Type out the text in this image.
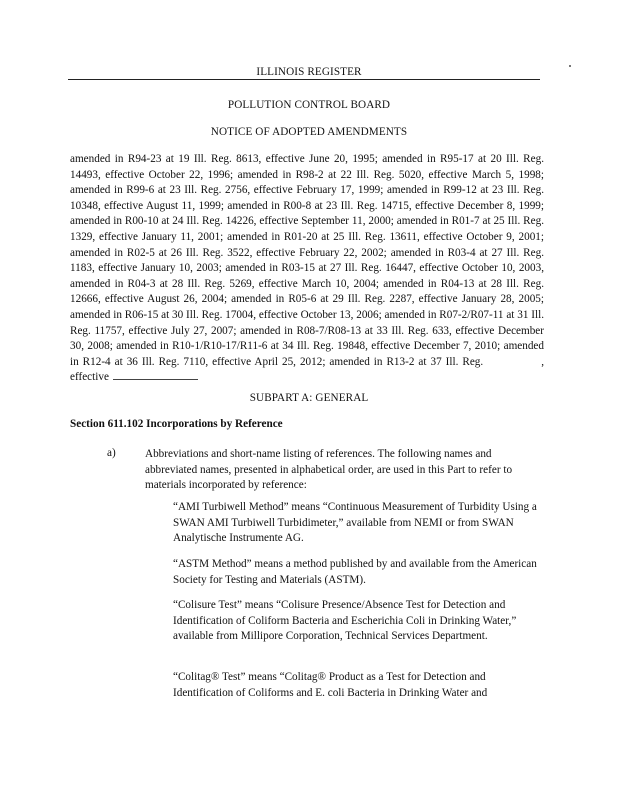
ILLINOIS REGISTER
POLLUTION CONTROL BOARD
NOTICE OF ADOPTED AMENDMENTS
amended in R94-23 at 19 Ill. Reg. 8613, effective June 20, 1995; amended in R95-17 at 20 Ill. Reg. 14493, effective October 22, 1996; amended in R98-2 at 22 Ill. Reg. 5020, effective March 5, 1998; amended in R99-6 at 23 Ill. Reg. 2756, effective February 17, 1999; amended in R99-12 at 23 Ill. Reg. 10348, effective August 11, 1999; amended in R00-8 at 23 Ill. Reg. 14715, effective December 8, 1999; amended in R00-10 at 24 Ill. Reg. 14226, effective September 11, 2000; amended in R01-7 at 25 Ill. Reg. 1329, effective January 11, 2001; amended in R01-20 at 25 Ill. Reg. 13611, effective October 9, 2001; amended in R02-5 at 26 Ill. Reg. 3522, effective February 22, 2002; amended in R03-4 at 27 Ill. Reg. 1183, effective January 10, 2003; amended in R03-15 at 27 Ill. Reg. 16447, effective October 10, 2003, amended in R04-3 at 28 Ill. Reg. 5269, effective March 10, 2004; amended in R04-13 at 28 Ill. Reg. 12666, effective August 26, 2004; amended in R05-6 at 29 Ill. Reg. 2287, effective January 28, 2005; amended in R06-15 at 30 Ill. Reg. 17004, effective October 13, 2006; amended in R07-2/R07-11 at 31 Ill. Reg. 11757, effective July 27, 2007; amended in R08-7/R08-13 at 33 Ill. Reg. 633, effective December 30, 2008; amended in R10-1/R10-17/R11-6 at 34 Ill. Reg. 19848, effective December 7, 2010; amended in R12-4 at 36 Ill. Reg. 7110, effective April 25, 2012; amended in R13-2 at 37 Ill. Reg.	, effective
SUBPART A: GENERAL
Section 611.102 Incorporations by Reference
a)	Abbreviations and short-name listing of references. The following names and abbreviated names, presented in alphabetical order, are used in this Part to refer to materials incorporated by reference:
“AMI Turbiwell Method” means “Continuous Measurement of Turbidity Using a SWAN AMI Turbiwell Turbidimeter,” available from NEMI or from SWAN Analytische Instrumente AG.
“ASTM Method” means a method published by and available from the American Society for Testing and Materials (ASTM).
“Colisure Test” means “Colisure Presence/Absence Test for Detection and Identification of Coliform Bacteria and Escherichia Coli in Drinking Water,” available from Millipore Corporation, Technical Services Department.
“Colitag® Test” means “Colitag® Product as a Test for Detection and Identification of Coliforms and E. coli Bacteria in Drinking Water and
